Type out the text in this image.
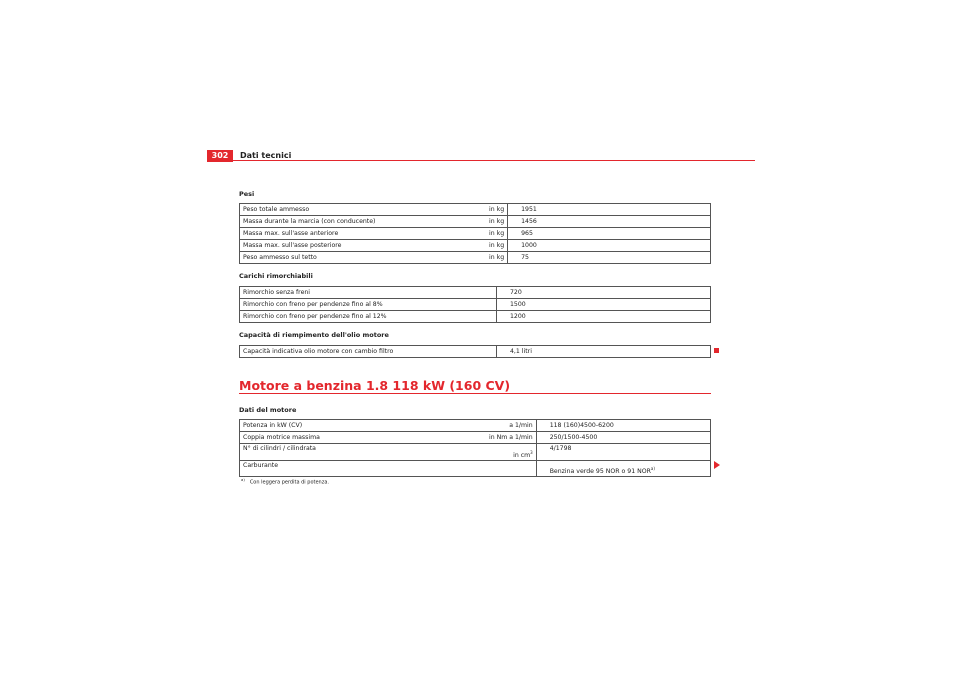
302	Dati tecnici
Pesi
Peso totale ammesso	in kg	1951
Massa durante la marcia (con conducente)	in kg	1456
Massa max. sull'asse anteriore	in kg	965
Massa max. sull'asse posteriore	in kg	1000
Peso ammesso sul tetto	in kg	75
Carichi rimorchiabili
Rimorchio senza freni	720
Rimorchio con freno per pendenze fino al 8%	1500
Rimorchio con freno per pendenze fino al 12%	1200
Capacità di riempimento dell'olio motore
Capacità indicativa olio motore con cambio filtro	4,1 litri
Motore a benzina 1.8 118 kW (160 CV)
Dati del motore
Potenza in kW (CV)	a 1/min	118 (160)4500-6200
Coppia motrice massima	in Nm a 1/min	250/1500-4500
N° di cilindri / cilindrata	in $cm^3$	4/1798
Carburante		Benzina verde 95 NOR o 91 NOR$^{a)}$
$^{a)}$Con leggera perdita di potenza.
